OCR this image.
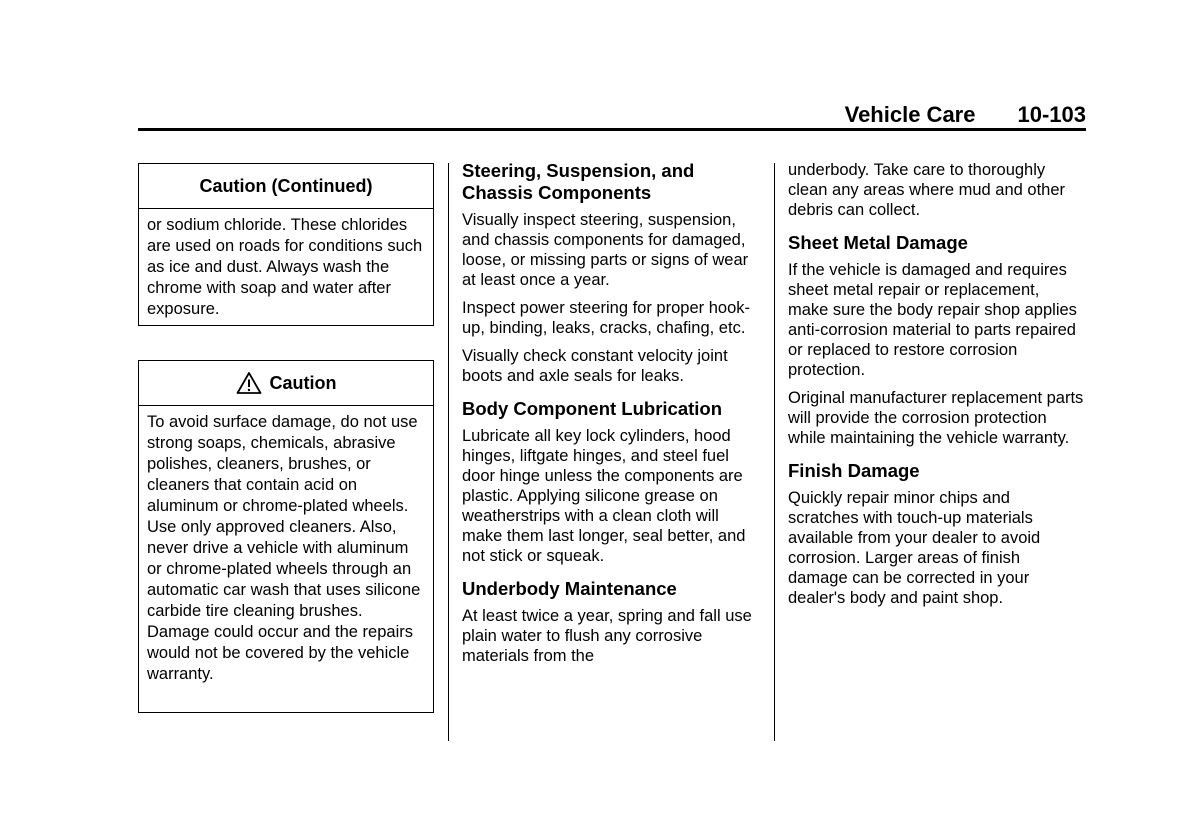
Vehicle Care 10-103
Caution (Continued)
or sodium chloride. These chlorides are used on roads for conditions such as ice and dust. Always wash the chrome with soap and water after exposure.
Caution
To avoid surface damage, do not use strong soaps, chemicals, abrasive polishes, cleaners, brushes, or cleaners that contain acid on aluminum or chrome-plated wheels. Use only approved cleaners. Also, never drive a vehicle with aluminum or chrome-plated wheels through an automatic car wash that uses silicone carbide tire cleaning brushes. Damage could occur and the repairs would not be covered by the vehicle warranty.
Steering, Suspension, and Chassis Components
Visually inspect steering, suspension, and chassis components for damaged, loose, or missing parts or signs of wear at least once a year.
Inspect power steering for proper hook-up, binding, leaks, cracks, chafing, etc.
Visually check constant velocity joint boots and axle seals for leaks.
Body Component Lubrication
Lubricate all key lock cylinders, hood hinges, liftgate hinges, and steel fuel door hinge unless the components are plastic. Applying silicone grease on weatherstrips with a clean cloth will make them last longer, seal better, and not stick or squeak.
Underbody Maintenance
At least twice a year, spring and fall use plain water to flush any corrosive materials from the
underbody. Take care to thoroughly clean any areas where mud and other debris can collect.
Sheet Metal Damage
If the vehicle is damaged and requires sheet metal repair or replacement, make sure the body repair shop applies anti-corrosion material to parts repaired or replaced to restore corrosion protection.
Original manufacturer replacement parts will provide the corrosion protection while maintaining the vehicle warranty.
Finish Damage
Quickly repair minor chips and scratches with touch-up materials available from your dealer to avoid corrosion. Larger areas of finish damage can be corrected in your dealer's body and paint shop.
